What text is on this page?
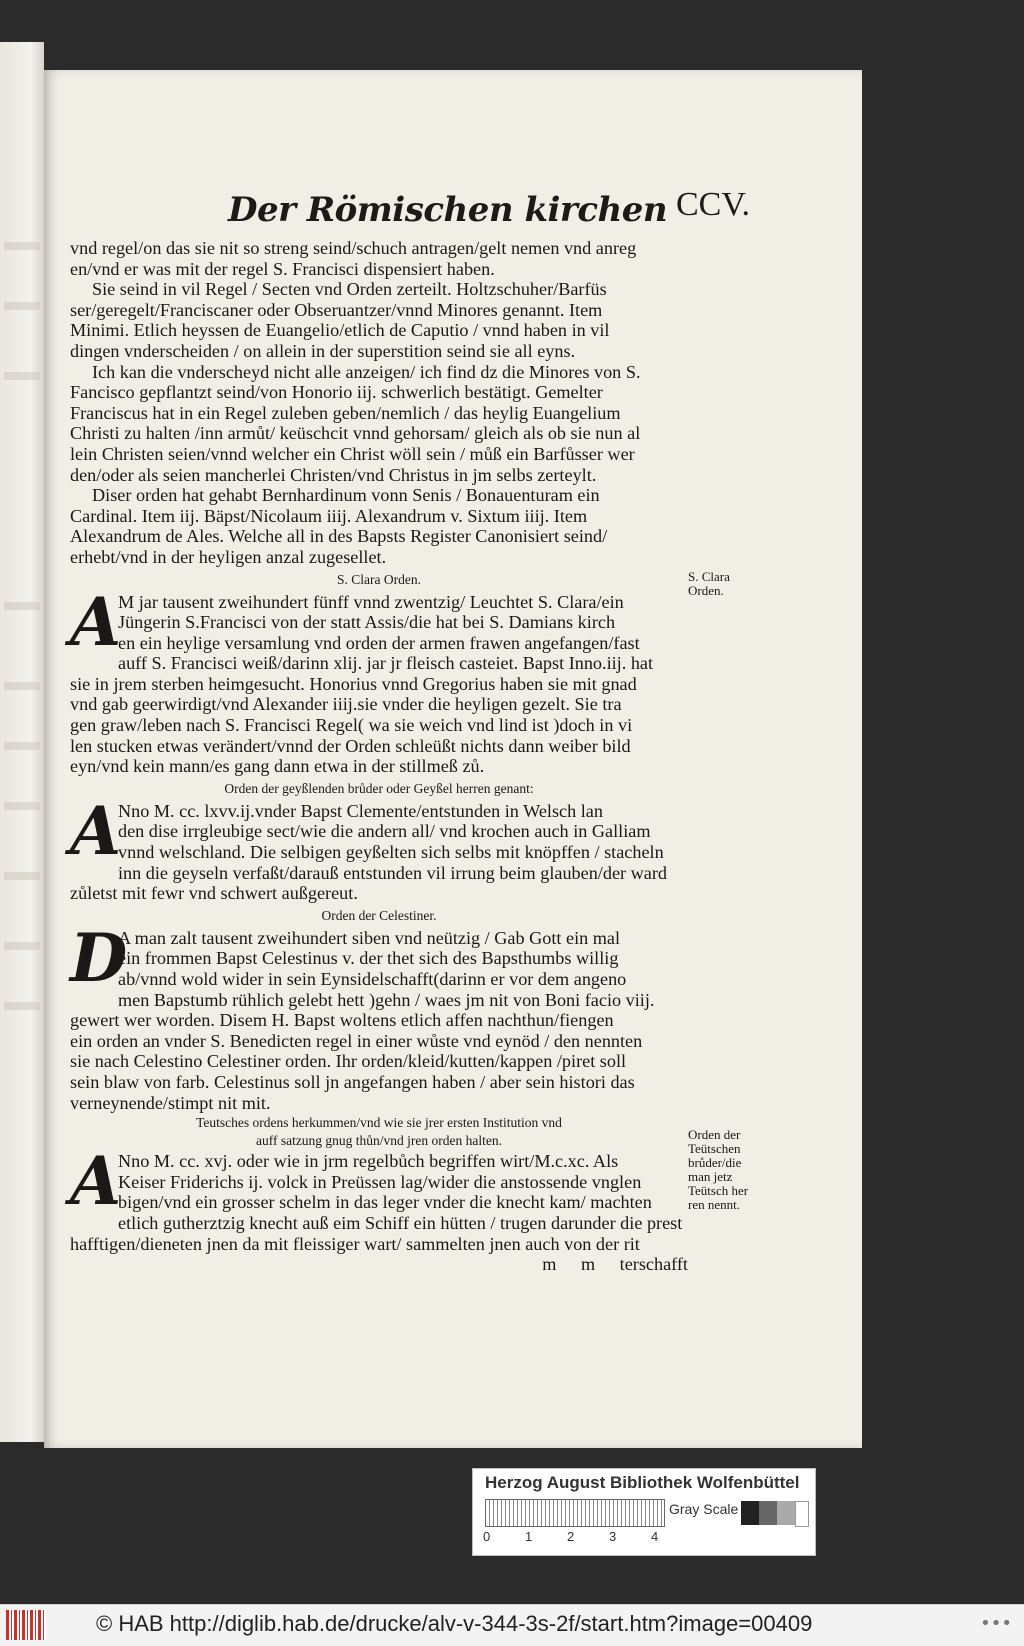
Der Römischen kirchen CCV.
vnd regel/on das sie nit so streng seind/schuch antragen/gelt nemen vnd anreg
en/vnd er was mit der regel S. Francisci dispensiert haben.
Sie seind in vil Regel / Secten vnd Orden zerteilt. Holtzschuher/Barfüs
ser/geregelt/Franciscaner oder Obseruantzer/vnnd Minores genannt. Item
Minimi. Etlich heyssen de Euangelio/etlich de Caputio / vnnd haben in vil
dingen vnderscheiden / on allein in der superstition seind sie all eyns.
Ich kan die vnderscheyd nicht alle anzeigen/ ich find dz die Minores von S.
Fancisco gepflantzt seind/von Honorio iij. schwerlich bestätigt. Gemelter
Franciscus hat in ein Regel zuleben geben/nemlich / das heylig Euangelium
Christi zu halten /inn armůt/ keüschcit vnnd gehorsam/ gleich als ob sie nun al
lein Christen seien/vnnd welcher ein Christ wöll sein / můß ein Barfůsser wer
den/oder als seien mancherlei Christen/vnd Christus in jm selbs zerteylt.
Diser orden hat gehabt Bernhardinum vonn Senis / Bonauenturam ein
Cardinal. Item iij. Bäpst/Nicolaum iiij. Alexandrum v. Sixtum iiij. Item
Alexandrum de Ales. Welche all in des Bapsts Register Canonisiert seind/
erhebt/vnd in der heyligen anzal zugesellet.
S. Clara Orden.
A
M jar tausent zweihundert fünff vnnd zwentzig/ Leuchtet S. Clara/ein
Jüngerin S.Francisci von der statt Assis/die hat bei S. Damians kirch
en ein heylige versamlung vnd orden der armen frawen angefangen/fast
auff S. Francisci weiß/darinn xlij. jar jr fleisch casteiet. Bapst Inno.iij. hat
sie in jrem sterben heimgesucht. Honorius vnnd Gregorius haben sie mit gnad
vnd gab geerwirdigt/vnd Alexander iiij.sie vnder die heyligen gezelt. Sie tra
gen graw/leben nach S. Francisci Regel( wa sie weich vnd lind ist )doch in vi
len stucken etwas verändert/vnnd der Orden schleüßt nichts dann weiber bild
eyn/vnd kein mann/es gang dann etwa in der stillmeß zů.
Orden der geyßlenden brůder oder Geyßel herren genant:
A
Nno M. cc. lxvv.ij.vnder Bapst Clemente/entstunden in Welsch lan
den dise irrgleubige sect/wie die andern all/ vnd krochen auch in Galliam
vnnd welschland. Die selbigen geyßelten sich selbs mit knöpffen / stacheln
inn die geyseln verfaßt/darauß entstunden vil irrung beim glauben/der ward
zůletst mit fewr vnd schwert außgereut.
Orden der Celestiner.
D
A man zalt tausent zweihundert siben vnd neützig / Gab Gott ein mal
ein frommen Bapst Celestinus v. der thet sich des Bapsthumbs willig
ab/vnnd wold wider in sein Eynsidelschafft(darinn er vor dem angeno
men Bapstumb rühlich gelebt hett )gehn / waes jm nit von Boni facio viij.
gewert wer worden. Disem H. Bapst woltens etlich affen nachthun/fiengen
ein orden an vnder S. Benedicten regel in einer wůste vnd eynöd / den nennten
sie nach Celestino Celestiner orden. Ihr orden/kleid/kutten/kappen /piret soll
sein blaw von farb. Celestinus soll jn angefangen haben / aber sein histori das
verneynende/stimpt nit mit.
Teutsches ordens herkummen/vnd wie sie jrer ersten Institution vnd
auff satzung gnug thůn/vnd jren orden halten.
A
Nno M. cc. xvj. oder wie in jrm regelbůch begriffen wirt/M.c.xc. Als
Keiser Friderichs ij. volck in Preüssen lag/wider die anstossende vnglen
bigen/vnd ein grosser schelm in das leger vnder die knecht kam/ machten
etlich gutherztzig knecht auß eim Schiff ein hütten / trugen darunder die prest
hafftigen/dieneten jnen da mit fleissiger wart/ sammelten jnen auch von der rit
m m terschafft
S. Clara Orden.
Orden der Teütschen brůder/die man jetz Teütsch her ren nennt.
Herzog August Bibliothek Wolfenbüttel
0	1	2	3	4
Gray Scale
© HAB http://diglib.hab.de/drucke/alv-v-344-3s-2f/start.htm?image=00409	•••
